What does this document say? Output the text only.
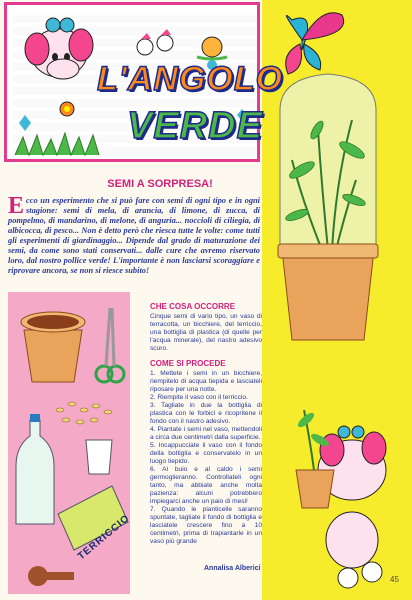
L'ANGOLO
VERDE
SEMI A SORPRESA!

Ecco un esperimento che si può fare con semi di ogni tipo e in ogni stagione: semi di mela, di arancia, di limone, di zucca, di pompelmo, di mandarino, di melone, di anguria... noccioli di ciliegia, di albicocca, di pesco... Non è detto però che riesca tutte le volte: come tutti gli esperimenti di giardinaggio... Dipende dal grado di maturazione dei semi, da come sono stati conservati... dalle cure che avremo riservato loro, dal nostro pollice verde! L'importante è non lasciarsi scoraggiare e riprovare ancora, se non si riesce subito!

TERRICCIO
CHE COSA OCCORRE

Cinque semi di vario tipo, un vaso di terracotta, un bicchiere, del terriccio, una bottiglia di plastica (di quelle per l'acqua minerale), del nastro adesivo scuro.

COME SI PROCEDE
1. Mettete i semi in un bicchiere, riempitelo di acqua tiepida e lasciateli riposare per una notte.
2. Riempite il vaso con il terriccio.
3. Tagliate in due la bottiglia di plastica con le forbici e ricopritene il fondo con il nastro adesivo.
4. Piantate i semi nel vaso, mettendoli a circa due centimetri dalla superficie.
5. Incappucciate il vaso con il fondo della bottiglia e conservatelo in un luogo tiepido.
6. Al buio e al caldo i semi germoglieranno. Controllateli ogni tanto, ma abbiate anche molta pazienza: alcuni potrebbero impiegarci anche un paio di mesi!
7. Quando le pianticelle saranno spuntate, tagliate il fondo di bottiglia e lasciatele crescere fino a 10 centimetri, prima di trapiantarle in un vaso più grande
Annalisa Alberici
45
